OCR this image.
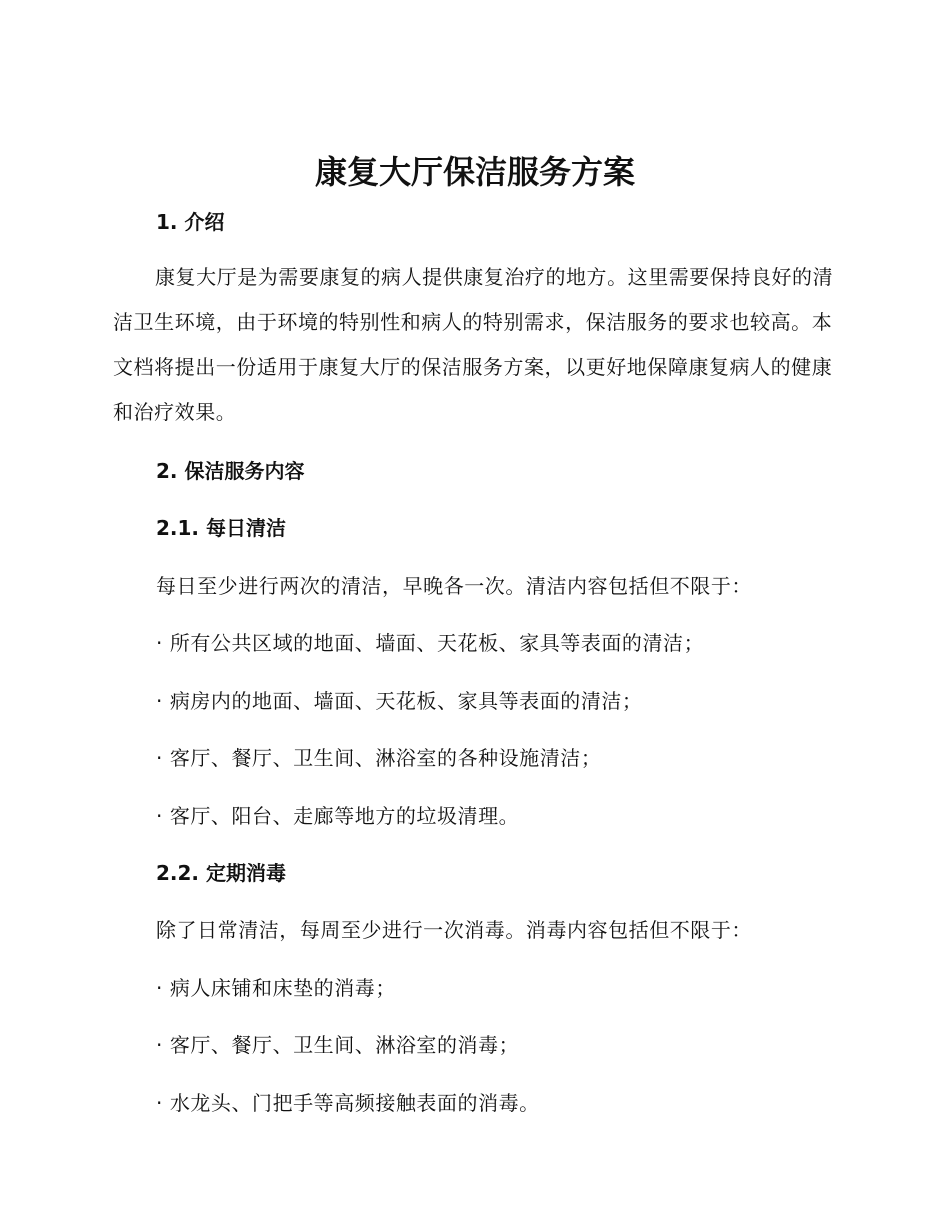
康复大厅保洁服务方案
1. 介绍
康复大厅是为需要康复的病人提供康复治疗的地方。这里需要保持良好的清洁卫生环境，由于环境的特别性和病人的特别需求，保洁服务的要求也较高。本文档将提出一份适用于康复大厅的保洁服务方案，以更好地保障康复病人的健康和治疗效果。
2. 保洁服务内容
2.1. 每日清洁
每日至少进行两次的清洁，早晚各一次。清洁内容包括但不限于：
· 所有公共区域的地面、墙面、天花板、家具等表面的清洁；
· 病房内的地面、墙面、天花板、家具等表面的清洁；
· 客厅、餐厅、卫生间、淋浴室的各种设施清洁；
· 客厅、阳台、走廊等地方的垃圾清理。
2.2. 定期消毒
除了日常清洁，每周至少进行一次消毒。消毒内容包括但不限于：
· 病人床铺和床垫的消毒；
· 客厅、餐厅、卫生间、淋浴室的消毒；
· 水龙头、门把手等高频接触表面的消毒。
